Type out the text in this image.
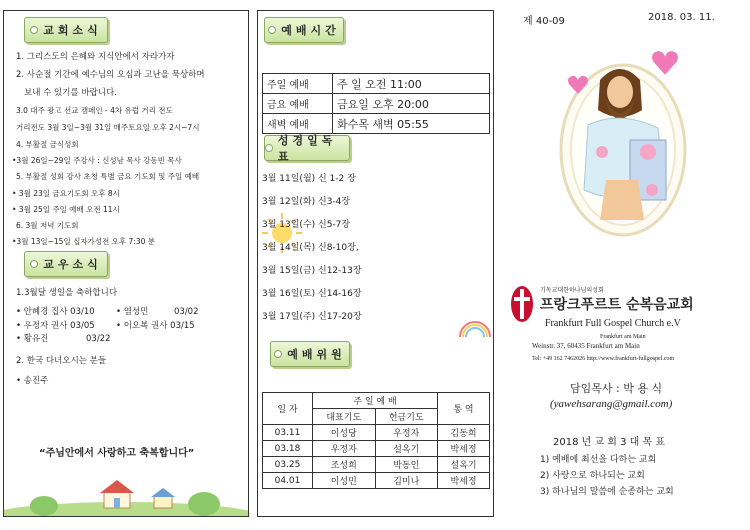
교회소식
1. 그리스도의 은혜와 지식안에서 자라가자
2. 사순절 기간에 예수님의 오심과 고난을 묵상하며
보내 수 있기를 바랍니다.
3.0 대주 광고 선교 캠페인 - 4차 유럽 거리 전도
거리전도 3월 3일~3월 31일 매주토요일 오후 2시~7시
4. 부활절 금식성회
•3월 26일~29일 주강사 : 신성남 목사 강동빈 목사
5. 부활절 성회 강사 초청 특별 금요 기도회 및 주일 예배
• 3월 23일 금요기도회 오후 8시
• 3월 25일 주일 예배 오전 11시
6. 3월 저녁 기도회
•3월 13일~15일 십자가성전 오후 7:30 분
교우소식
1.3월달 생일을 축하합니다
• 안혜경 집사 03/10	• 염성민	03/02
• 우정자 권사 03/05	• 이오복 권사 03/15
• 황유진	03/22
2. 한국 다녀오시는 분들
• 송진주
“주님안에서 사랑하고 축복합니다”
예배시간
주일 예배	주 일 오전 11:00
금요 예배	금요일 오후 20:00
새벽 예배	화수목 새벽 05:55
성경일독표
3월 11일(월) 신 1-2 장
3월 12일(화) 신3-4장
3월 13일(수) 신5-7장
3월 14일(목) 신8-10장,
3월 15일(금) 신12-13장
3월 16일(토) 신14-16장
3월 17일(주) 신17-20장
예배위원
일 자	주 일 예 배		통 역
	대표기도	헌금기도	
03.11	이성당	우정자	김동희
03.18	우정자	설옥기	박세정
03.25	조성희	박동인	설옥기
04.01	이성민	김미나	박세정
제 40-09	2018. 03. 11.
기독교대한하나님의성회
프랑크푸르트 순복음교회
Frankfurt Full Gospel Church e.V
Frankfurt am Main
Weinstr. 37, 60435 Frankfurt am Main
Tel: +49 162 7462026 http://www.frankfurt-fullgospel.com
담임목사 : 박 용 식
(yawehsarang@gmail.com)
2018 년 교 회 3 대 목 표
1) 예배에 최선을 다하는 교회
2) 사랑으로 하나되는 교회
3) 하나님의 말씀에 순종하는 교회
